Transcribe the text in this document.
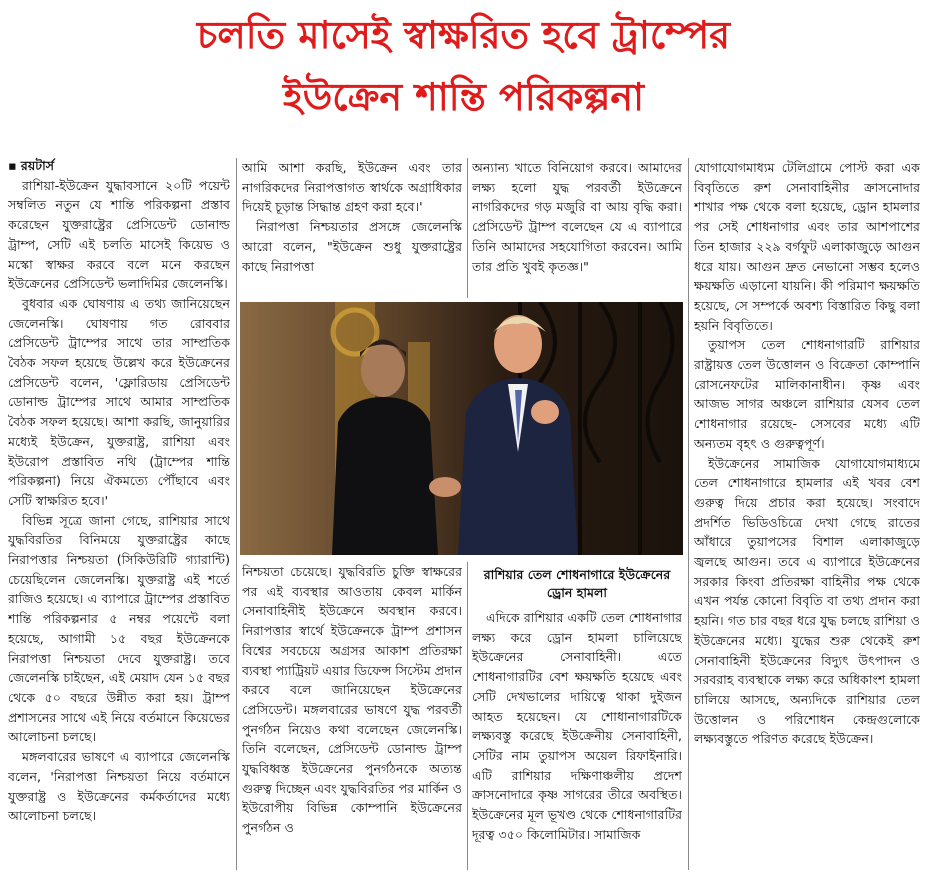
চলতি মাসেই স্বাক্ষরিত হবে ট্রাম্পের
ইউক্রেন শান্তি পরিকল্পনা

▪ রয়টার্স

রাশিয়া-ইউক্রেন যুদ্ধাবসানে ২০টি পয়েন্ট সম্বলিত নতুন যে শান্তি পরিকল্পনা প্রস্তাব করেছেন যুক্তরাষ্ট্রের প্রেসিডেন্ট ডোনাল্ড ট্রাম্প, সেটি এই চলতি মাসেই কিয়েভ ও মস্কো স্বাক্ষর করবে বলে মনে করছেন ইউক্রেনের প্রেসিডেন্ট ভলাদিমির জেলেনস্কি।

বুধবার এক ঘোষণায় এ তথ্য জানিয়েছেন জেলেনস্কি। ঘোষণায় গত রোববার প্রেসিডেন্ট ট্রাম্পের সাথে তার সাম্প্রতিক বৈঠক সফল হয়েছে উল্লেখ করে ইউক্রেনের প্রেসিডেন্ট বলেন, 'ফ্লোরিডায় প্রেসিডেন্ট ডোনাল্ড ট্রাম্পের সাথে আমার সাম্প্রতিক বৈঠক সফল হয়েছে। আশা করছি, জানুয়ারির মধ্যেই ইউক্রেন, যুক্তরাষ্ট্র, রাশিয়া এবং ইউরোপ প্রস্তাবিত নথি (ট্রাম্পের শান্তি পরিকল্পনা) নিয়ে ঐকমত্যে পৌঁছাবে এবং সেটি স্বাক্ষরিত হবে।'

বিভিন্ন সূত্রে জানা গেছে, রাশিয়ার সাথে যুদ্ধবিরতির বিনিময়ে যুক্তরাষ্ট্রের কাছে নিরাপত্তার নিশ্চয়তা (সিকিউরিটি গ্যারান্টি) চেয়েছিলেন জেলেনস্কি। যুক্তরাষ্ট্র এই শর্তে রাজিও হয়েছে। এ ব্যাপারে ট্রাম্পের প্রস্তাবিত শান্তি পরিকল্পনার ৫ নম্বর পয়েন্টে বলা হয়েছে, আগামী ১৫ বছর ইউক্রেনকে নিরাপত্তা নিশ্চয়তা দেবে যুক্তরাষ্ট্র। তবে জেলেনস্কি চাইছেন, এই মেয়াদ যেন ১৫ বছর থেকে ৫০ বছরে উন্নীত করা হয়। ট্রাম্প প্রশাসনের সাথে এই নিয়ে বর্তমানে কিয়েভের আলোচনা চলছে।

মঙ্গলবারের ভাষণে এ ব্যাপারে জেলেনস্কি বলেন, 'নিরাপত্তা নিশ্চয়তা নিয়ে বর্তমানে যুক্তরাষ্ট্র ও ইউক্রেনের কর্মকর্তাদের মধ্যে আলোচনা চলছে।

আমি আশা করছি, ইউক্রেন এবং তার নাগরিকদের নিরাপত্তাগত স্বার্থকে অগ্রাধিকার দিয়েই চূড়ান্ত সিদ্ধান্ত গ্রহণ করা হবে।'

নিরাপত্তা নিশ্চয়তার প্রসঙ্গে জেলেনস্কি আরো বলেন, "ইউক্রেন শুধু যুক্তরাষ্ট্রের কাছে নিরাপত্তা

অন্যান্য খাতে বিনিয়োগ করবে। আমাদের লক্ষ্য হলো যুদ্ধ পরবর্তী ইউক্রেনে নাগরিকদের গড় মজুরি বা আয় বৃদ্ধি করা। প্রেসিডেন্ট ট্রাম্প বলেছেন যে এ ব্যাপারে তিনি আমাদের সহযোগিতা করবেন। আমি তার প্রতি খুবই কৃতজ্ঞ।"

নিশ্চয়তা চেয়েছে। যুদ্ধবিরতি চুক্তি স্বাক্ষরের পর এই ব্যবস্থার আওতায় কেবল মার্কিন সেনাবাহিনীই ইউক্রেনে অবস্থান করবে। নিরাপত্তার স্বার্থে ইউক্রেনকে ট্রাম্প প্রশাসন বিশ্বের সবচেয়ে অগ্রসর আকাশ প্রতিরক্ষা ব্যবস্থা প্যাট্রিয়ট এয়ার ডিফেন্স সিস্টেম প্রদান করবে বলে জানিয়েছেন ইউক্রেনের প্রেসিডেন্ট। মঙ্গলবারের ভাষণে যুদ্ধ পরবর্তী পুনর্গঠন নিয়েও কথা বলেছেন জেলেনস্কি। তিনি বলেছেন, প্রেসিডেন্ট ডোনাল্ড ট্রাম্প যুদ্ধবিধ্বস্ত ইউক্রেনের পুনর্গঠনকে অত্যন্ত গুরুত্ব দিচ্ছেন এবং যুদ্ধবিরতির পর মার্কিন ও ইউরোপীয় বিভিন্ন কোম্পানি ইউক্রেনের পুনর্গঠন ও

রাশিয়ার তেল শোধনাগারে ইউক্রেনের ড্রোন হামলা

এদিকে রাশিয়ার একটি তেল শোধনাগার লক্ষ্য করে ড্রোন হামলা চালিয়েছে ইউক্রেনের সেনাবাহিনী। এতে শোধনাগারটির বেশ ক্ষয়ক্ষতি হয়েছে এবং সেটি দেখভালের দায়িত্বে থাকা দুইজন আহত হয়েছেন। যে শোধানাগারটিকে লক্ষ্যবস্তু করেছে ইউক্রেনীয় সেনাবাহিনী, সেটির নাম তুয়াপস অয়েল রিফাইনারি। এটি রাশিয়ার দক্ষিণাঞ্চলীয় প্রদেশ ক্রাসনোদারে কৃষ্ণ সাগরের তীরে অবস্থিত। ইউক্রেনের মূল ভূখণ্ড থেকে শোধনাগারটির দূরত্ব ৩৫০ কিলোমিটার। সামাজিক

যোগাযোগমাধ্যম টেলিগ্রামে পোস্ট করা এক বিবৃতিতে রুশ সেনাবাহিনীর ক্রাসনোদার শাখার পক্ষ থেকে বলা হয়েছে, ড্রোন হামলার পর সেই শোধনাগার এবং তার আশপাশের তিন হাজার ২২৯ বর্গফুট এলাকাজুড়ে আগুন ধরে যায়। আগুন দ্রুত নেভানো সম্ভব হলেও ক্ষয়ক্ষতি এড়ানো যায়নি। কী পরিমাণ ক্ষয়ক্ষতি হয়েছে, সে সম্পর্কে অবশ্য বিস্তারিত কিছু বলা হয়নি বিবৃতিতে।

তুয়াপস তেল শোধনাগারটি রাশিয়ার রাষ্ট্রায়ত্ত তেল উত্তোলন ও বিক্রেতা কোম্পানি রোসনেফটের মালিকানাধীন। কৃষ্ণ এবং আজভ সাগর অঞ্চলে রাশিয়ার যেসব তেল শোধনাগার রয়েছে- সেসবের মধ্যে এটি অন্যতম বৃহৎ ও গুরুত্বপূর্ণ।

ইউক্রেনের সামাজিক যোগাযোগমাধ্যমে তেল শোধনাগারে হামলার এই খবর বেশ গুরুত্ব দিয়ে প্রচার করা হয়েছে। সংবাদে প্রদর্শিত ভিডিওচিত্রে দেখা গেছে রাতের আঁধারে তুয়াপসের বিশাল এলাকাজুড়ে জ্বলছে আগুন। তবে এ ব্যাপারে ইউক্রেনের সরকার কিংবা প্রতিরক্ষা বাহিনীর পক্ষ থেকে এখন পর্যন্ত কোনো বিবৃতি বা তথ্য প্রদান করা হয়নি। গত চার বছর ধরে যুদ্ধ চলছে রাশিয়া ও ইউক্রেনের মধ্যে। যুদ্ধের শুরু থেকেই রুশ সেনাবাহিনী ইউক্রেনের বিদ্যুৎ উৎপাদন ও সরবরাহ ব্যবস্থাকে লক্ষ্য করে অধিকাংশ হামলা চালিয়ে আসছে, অন্যদিকে রাশিয়ার তেল উত্তোলন ও পরিশোধন কেন্দ্রগুলোকে লক্ষ্যবস্তুতে পরিণত করেছে ইউক্রেন।
